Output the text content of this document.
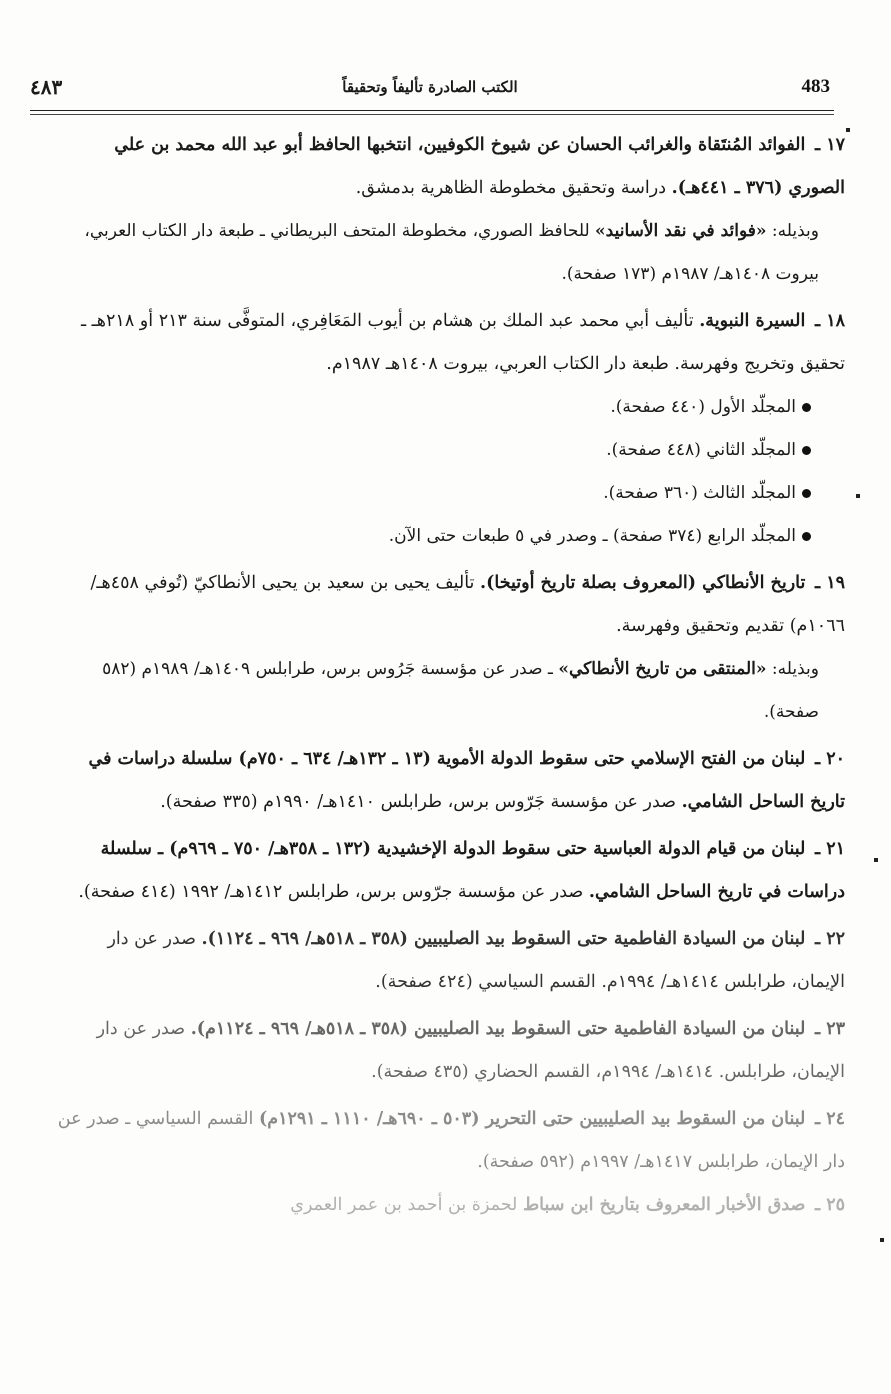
٤٨٣	الكتب الصادرة تأليفاً وتحقيقاً	483
١٧ ـ الفوائد المُنتَقاة والغرائب الحسان عن شيوخ الكوفيين، انتخبها الحافظ أبو عبد الله محمد بن علي الصوري (٣٧٦ ـ ٤٤١هـ). دراسة وتحقيق مخطوطة الظاهرية بدمشق.
وبذيله: «فوائد في نقد الأسانيد» للحافظ الصوري، مخطوطة المتحف البريطاني ـ طبعة دار الكتاب العربي، بيروت ١٤٠٨هـ/ ١٩٨٧م (١٧٣ صفحة).
١٨ ـ السيرة النبوية. تأليف أبي محمد عبد الملك بن هشام بن أيوب المَعَافِري، المتوفَّى سنة ٢١٣ أو ٢١٨هـ ـ تحقيق وتخريج وفهرسة. طبعة دار الكتاب العربي، بيروت ١٤٠٨هـ ١٩٨٧م.
المجلّد الأول (٤٤٠ صفحة).
المجلّد الثاني (٤٤٨ صفحة).
المجلّد الثالث (٣٦٠ صفحة).
المجلّد الرابع (٣٧٤ صفحة) ـ وصدر في ٥ طبعات حتى الآن.
١٩ ـ تاريخ الأنطاكي (المعروف بصلة تاريخ أوتيخا). تأليف يحيى بن سعيد بن يحيى الأنطاكيّ (تُوفي ٤٥٨هـ/ ١٠٦٦م) تقديم وتحقيق وفهرسة.
وبذيله: «المنتقى من تاريخ الأنطاكي» ـ صدر عن مؤسسة جَرُوس برس، طرابلس ١٤٠٩هـ/ ١٩٨٩م (٥٨٢ صفحة).
٢٠ ـ لبنان من الفتح الإسلامي حتى سقوط الدولة الأموية (١٣ ـ ١٣٢هـ/ ٦٣٤ ـ ٧٥٠م) سلسلة دراسات في تاريخ الساحل الشامي. صدر عن مؤسسة جَرّوس برس، طرابلس ١٤١٠هـ/ ١٩٩٠م (٣٣٥ صفحة).
٢١ ـ لبنان من قيام الدولة العباسية حتى سقوط الدولة الإخشيدية (١٣٢ ـ ٣٥٨هـ/ ٧٥٠ ـ ٩٦٩م) ـ سلسلة دراسات في تاريخ الساحل الشامي. صدر عن مؤسسة جرّوس برس، طرابلس ١٤١٢هـ/ ١٩٩٢ (٤١٤ صفحة).
٢٢ ـ لبنان من السيادة الفاطمية حتى السقوط بيد الصليبيين (٣٥٨ ـ ٥١٨هـ/ ٩٦٩ ـ ١١٢٤). صدر عن دار الإيمان، طرابلس ١٤١٤هـ/ ١٩٩٤م. القسم السياسي (٤٢٤ صفحة).
٢٣ ـ لبنان من السيادة الفاطمية حتى السقوط بيد الصليبيين (٣٥٨ ـ ٥١٨هـ/ ٩٦٩ ـ ١١٢٤م). صدر عن دار الإيمان، طرابلس. ١٤١٤هـ/ ١٩٩٤م، القسم الحضاري (٤٣٥ صفحة).
٢٤ ـ لبنان من السقوط بيد الصليبيين حتى التحرير (٥٠٣ ـ ٦٩٠هـ/ ١١١٠ ـ ١٢٩١م) القسم السياسي ـ صدر عن دار الإيمان، طرابلس ١٤١٧هـ/ ١٩٩٧م (٥٩٢ صفحة).
٢٥ ـ صدق الأخبار المعروف بتاريخ ابن سباط لحمزة بن أحمد بن عمر العمري
